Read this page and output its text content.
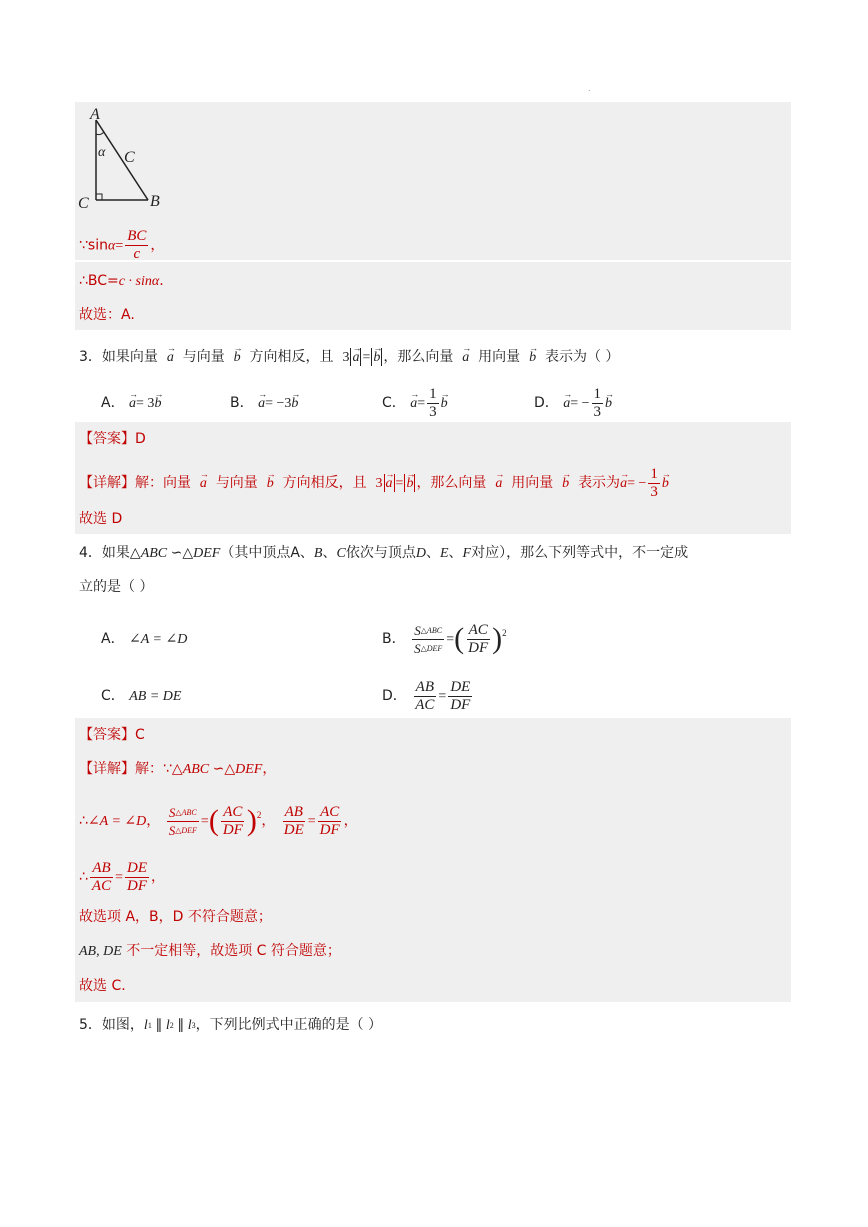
.
A
α C
C	B
∵sinα= $\frac{BC}{c}$ ，
∴BC=c · sinα.
故选：A.
3．如果向量  → a 与向量  → b 方向相反，且 3→ a =→ b ，那么向量  → a 用向量  → b 表示为（ ）
A． → a= 3→ b	B． → a= −3→ b	C． → $a= \frac{1}{3}$
→ b	D． → $a= - \frac{1}{3}$
→ b
【答案】D
【详解】解：向量  → a 与向量  → b 方向相反，且 3→ a =→ b ，那么向量  → a 用向量  → b 表示为→ $a= - \frac{1}{3}$
→ b
故选 D
4．如果△ABC ∽△DEF（其中顶点A、B、C依次与顶点D、E、F对应），那么下列等式中，不一定成
立的是（ ）
A． ∠A = ∠D	B． $\frac{\text{S△ABC}}{\text{S△DEF}}$ =( $\frac{AC}{DF} )^2$
C． AB = DE	D． $\frac{AB}{AC} = \frac{DE}{DF}$
【答案】C
【详解】解：∵△ABC ∽△DEF，
∴∠A = ∠D， $\frac{\text{S△ABC}}{\text{S△DEF}}$ =( $\frac{AC}{DF} )^2$， $\frac{AB}{DE} = \frac{AC}{DF}$ ，
∴ $\frac{AB}{AC} = \frac{DE}{DF}$ ，
故选项 A，B，D 不符合题意；
AB, DE 不一定相等，故选项 C 符合题意；
故选 C.
5．如图，l1 ∥ l2 ∥ l3，下列比例式中正确的是（ ）
